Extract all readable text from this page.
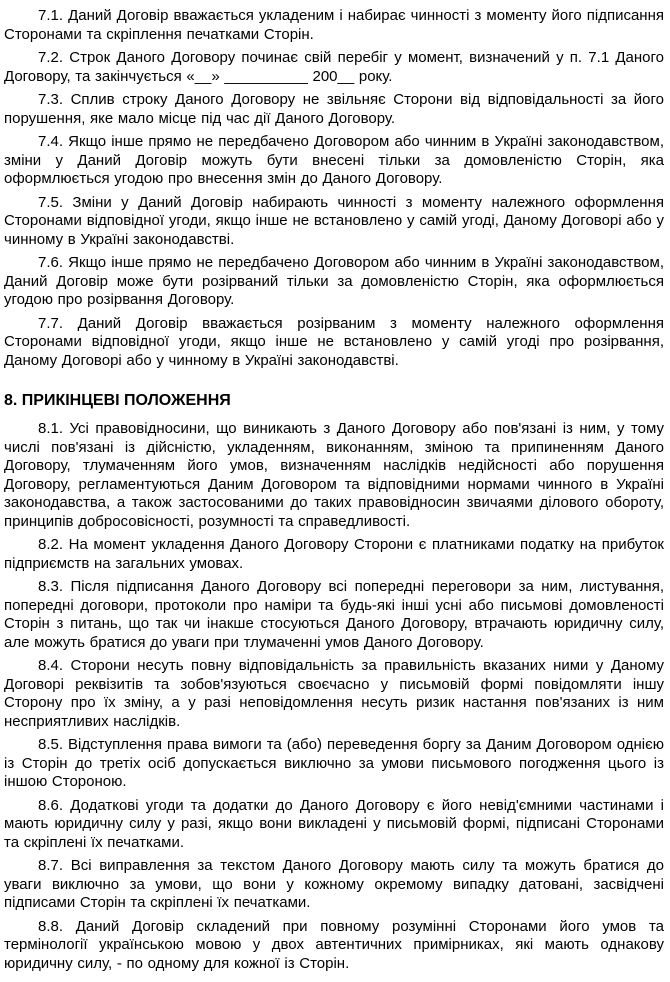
7.1. Даний Договір вважається укладеним і набирає чинності з моменту його підписання Сторонами та скріплення печатками Сторін.

7.2. Строк Даного Договору починає свій перебіг у момент, визначений у п. 7.1 Даного Договору, та закінчується «__» __________ 200__ року.

7.3. Сплив строку Даного Договору не звільняє Сторони від відповідальності за його порушення, яке мало місце під час дії Даного Договору.

7.4. Якщо інше прямо не передбачено Договором або чинним в Україні законодавством, зміни у Даний Договір можуть бути внесені тільки за домовленістю Сторін, яка оформлюється угодою про внесення змін до Даного Договору.

7.5. Зміни у Даний Договір набирають чинності з моменту належного оформлення Сторонами відповідної угоди, якщо інше не встановлено у самій угоді, Даному Договорі або у чинному в Україні законодавстві.

7.6. Якщо інше прямо не передбачено Договором або чинним в Україні законодавством, Даний Договір може бути розірваний тільки за домовленістю Сторін, яка оформлюється угодою про розірвання Договору.

7.7. Даний Договір вважається розірваним з моменту належного оформлення Сторонами відповідної угоди, якщо інше не встановлено у самій угоді про розірвання, Даному Договорі або у чинному в Україні законодавстві.

8. ПРИКІНЦЕВІ ПОЛОЖЕННЯ

8.1. Усі правовідносини, що виникають з Даного Договору або пов'язані із ним, у тому числі пов'язані із дійсністю, укладенням, виконанням, зміною та припиненням Даного Договору, тлумаченням його умов, визначенням наслідків недійсності або порушення Договору, регламентуються Даним Договором та відповідними нормами чинного в Україні законодавства, а також застосованими до таких правовідносин звичаями ділового обороту, принципів добросовісності, розумності та справедливості.

8.2. На момент укладення Даного Договору Сторони є платниками податку на прибуток підприємств на загальних умовах.

8.3. Після підписання Даного Договору всі попередні переговори за ним, листування, попередні договори, протоколи про наміри та будь-які інші усні або письмові домовленості Сторін з питань, що так чи інакше стосуються Даного Договору, втрачають юридичну силу, але можуть братися до уваги при тлумаченні умов Даного Договору.

8.4. Сторони несуть повну відповідальність за правильність вказаних ними у Даному Договорі реквізитів та зобов'язуються своєчасно у письмовій формі повідомляти іншу Сторону про їх зміну, а у разі неповідомлення несуть ризик настання пов'язаних із ним несприятливих наслідків.

8.5. Відступлення права вимоги та (або) переведення боргу за Даним Договором однією із Сторін до третіх осіб допускається виключно за умови письмового погодження цього із іншою Стороною.

8.6. Додаткові угоди та додатки до Даного Договору є його невід'ємними частинами і мають юридичну силу у разі, якщо вони викладені у письмовій формі, підписані Сторонами та скріплені їх печатками.

8.7. Всі виправлення за текстом Даного Договору мають силу та можуть братися до уваги виключно за умови, що вони у кожному окремому випадку датовані, засвідчені підписами Сторін та скріплені їх печатками.

8.8. Даний Договір складений при повному розумінні Сторонами його умов та термінології українською мовою у двох автентичних примірниках, які мають однакову юридичну силу, - по одному для кожної із Сторін.
